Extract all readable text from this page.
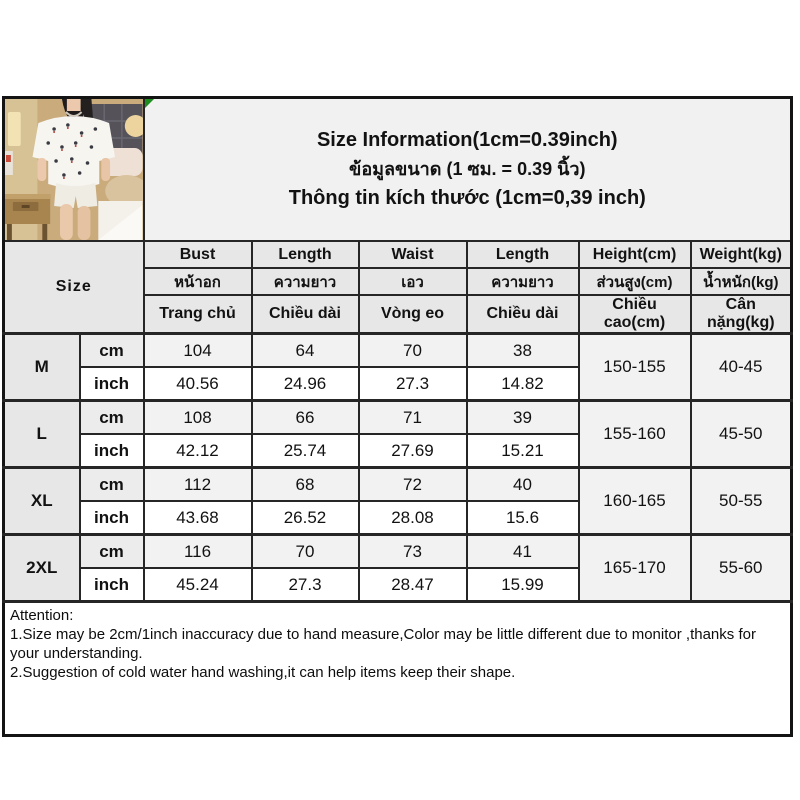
Size Information(1cm=0.39inch)
ข้อมูลขนาด (1 ซม. = 0.39 นิ้ว)
Thông tin kích thước (1cm=0,39 inch)					

Size		Bust	Length	Waist	Length	Height(cm)	Weight(kg)
		หน้าอก	ความยาว	เอว	ความยาว	ส่วนสูง(cm)	น้ำหนัก(kg)
		Trang chủ	Chiều dài	Vòng eo	Chiều dài	Chiều cao(cm)	Cân nặng(kg)
M	cm	104	64	70	38	150-155	40-45
	inch	40.56	24.96	27.3	14.82		
L	cm	108	66	71	39	155-160	45-50
	inch	42.12	25.74	27.69	15.21		
XL	cm	112	68	72	40	160-165	50-55
	inch	43.68	26.52	28.08	15.6		
2XL	cm	116	70	73	41	165-170	55-60
	inch	45.24	27.3	28.47	15.99		

Attention:
1.Size may be 2cm/1inch inaccuracy due to hand measure,Color may be little different due to monitor ,thanks for your understanding.
2.Suggestion of cold water hand washing,it can help items keep their shape.							
